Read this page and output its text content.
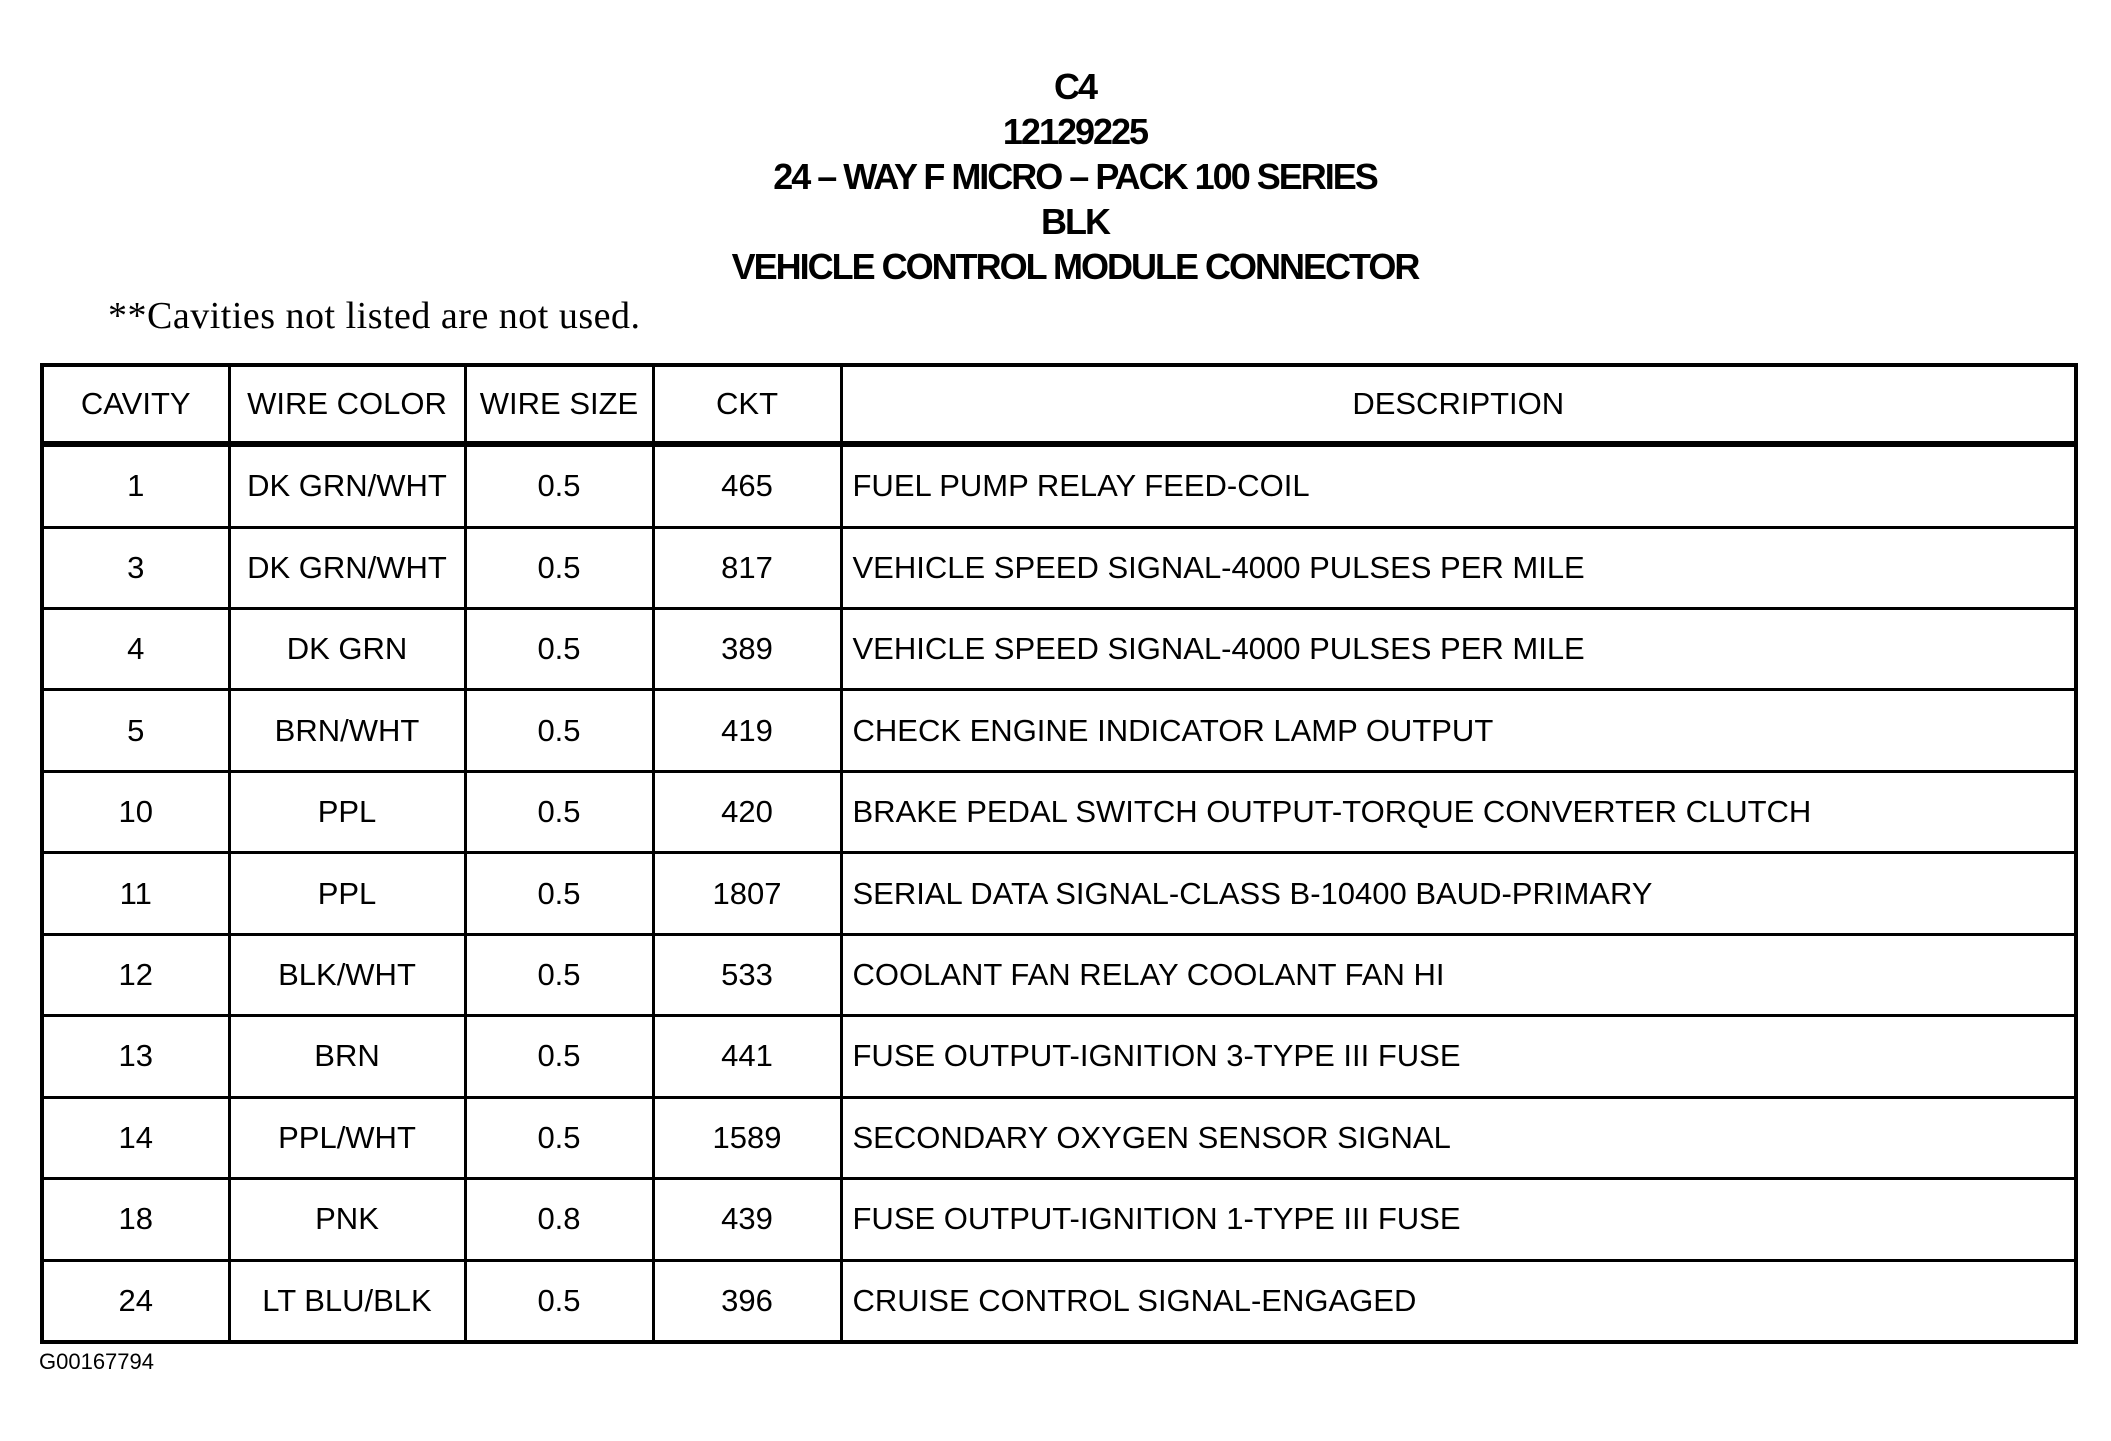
C4
12129225
24 – WAY F MICRO – PACK 100 SERIES
BLK
VEHICLE CONTROL MODULE CONNECTOR
**Cavities not listed are not used.
CAVITY	WIRE COLOR	WIRE SIZE	CKT	DESCRIPTION
1	DK GRN/WHT	0.5	465	FUEL PUMP RELAY FEED-COIL
3	DK GRN/WHT	0.5	817	VEHICLE SPEED SIGNAL-4000 PULSES PER MILE
4	DK GRN	0.5	389	VEHICLE SPEED SIGNAL-4000 PULSES PER MILE
5	BRN/WHT	0.5	419	CHECK ENGINE INDICATOR LAMP OUTPUT
10	PPL	0.5	420	BRAKE PEDAL SWITCH OUTPUT-TORQUE CONVERTER CLUTCH
11	PPL	0.5	1807	SERIAL DATA SIGNAL-CLASS B-10400 BAUD-PRIMARY
12	BLK/WHT	0.5	533	COOLANT FAN RELAY COOLANT FAN HI
13	BRN	0.5	441	FUSE OUTPUT-IGNITION 3-TYPE III FUSE
14	PPL/WHT	0.5	1589	SECONDARY OXYGEN SENSOR SIGNAL
18	PNK	0.8	439	FUSE OUTPUT-IGNITION 1-TYPE III FUSE
24	LT BLU/BLK	0.5	396	CRUISE CONTROL SIGNAL-ENGAGED
G00167794
